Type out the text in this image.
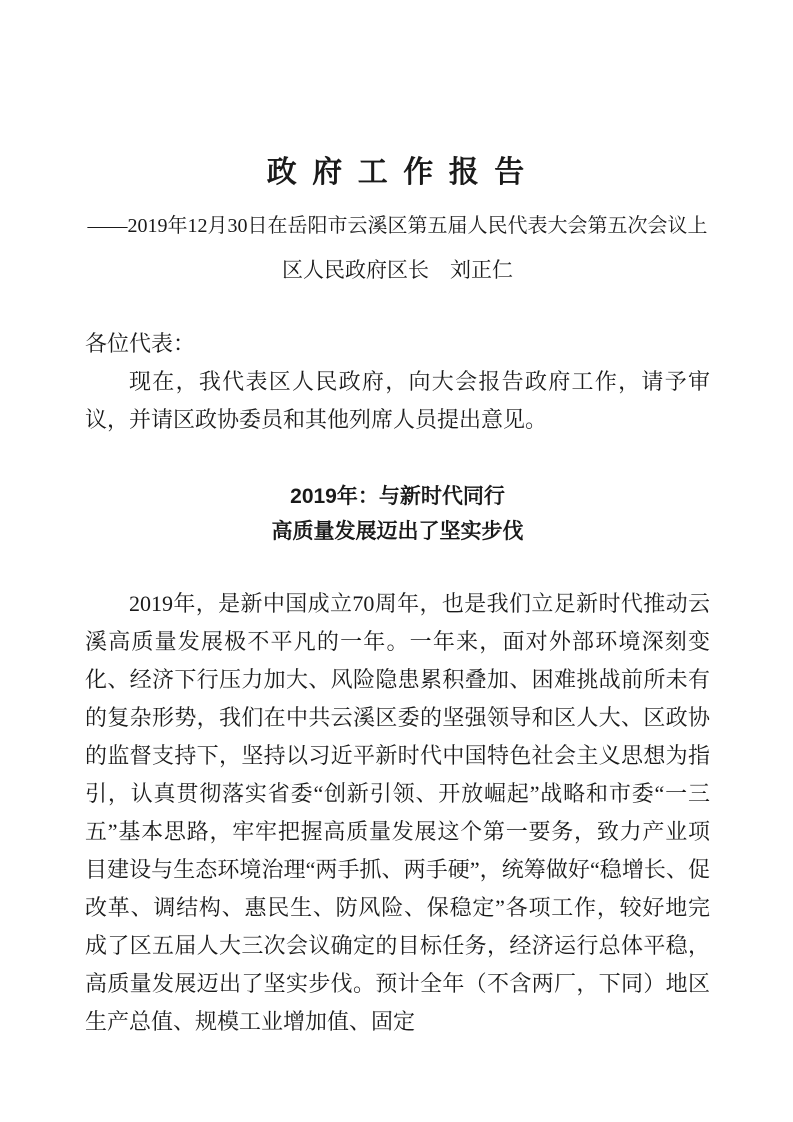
政 府 工 作 报 告

——2019年12月30日在岳阳市云溪区第五届人民代表大会第五次会议上

区人民政府区长　刘正仁

各位代表：

现在，我代表区人民政府，向大会报告政府工作，请予审议，并请区政协委员和其他列席人员提出意见。

2019年：与新时代同行
高质量发展迈出了坚实步伐

2019年，是新中国成立70周年，也是我们立足新时代推动云溪高质量发展极不平凡的一年。一年来，面对外部环境深刻变化、经济下行压力加大、风险隐患累积叠加、困难挑战前所未有的复杂形势，我们在中共云溪区委的坚强领导和区人大、区政协的监督支持下，坚持以习近平新时代中国特色社会主义思想为指引，认真贯彻落实省委“创新引领、开放崛起”战略和市委“一三五”基本思路，牢牢把握高质量发展这个第一要务，致力产业项目建设与生态环境治理“两手抓、两手硬”，统筹做好“稳增长、促改革、调结构、惠民生、防风险、保稳定”各项工作，较好地完成了区五届人大三次会议确定的目标任务，经济运行总体平稳，高质量发展迈出了坚实步伐。预计全年（不含两厂，下同）地区生产总值、规模工业增加值、固定
